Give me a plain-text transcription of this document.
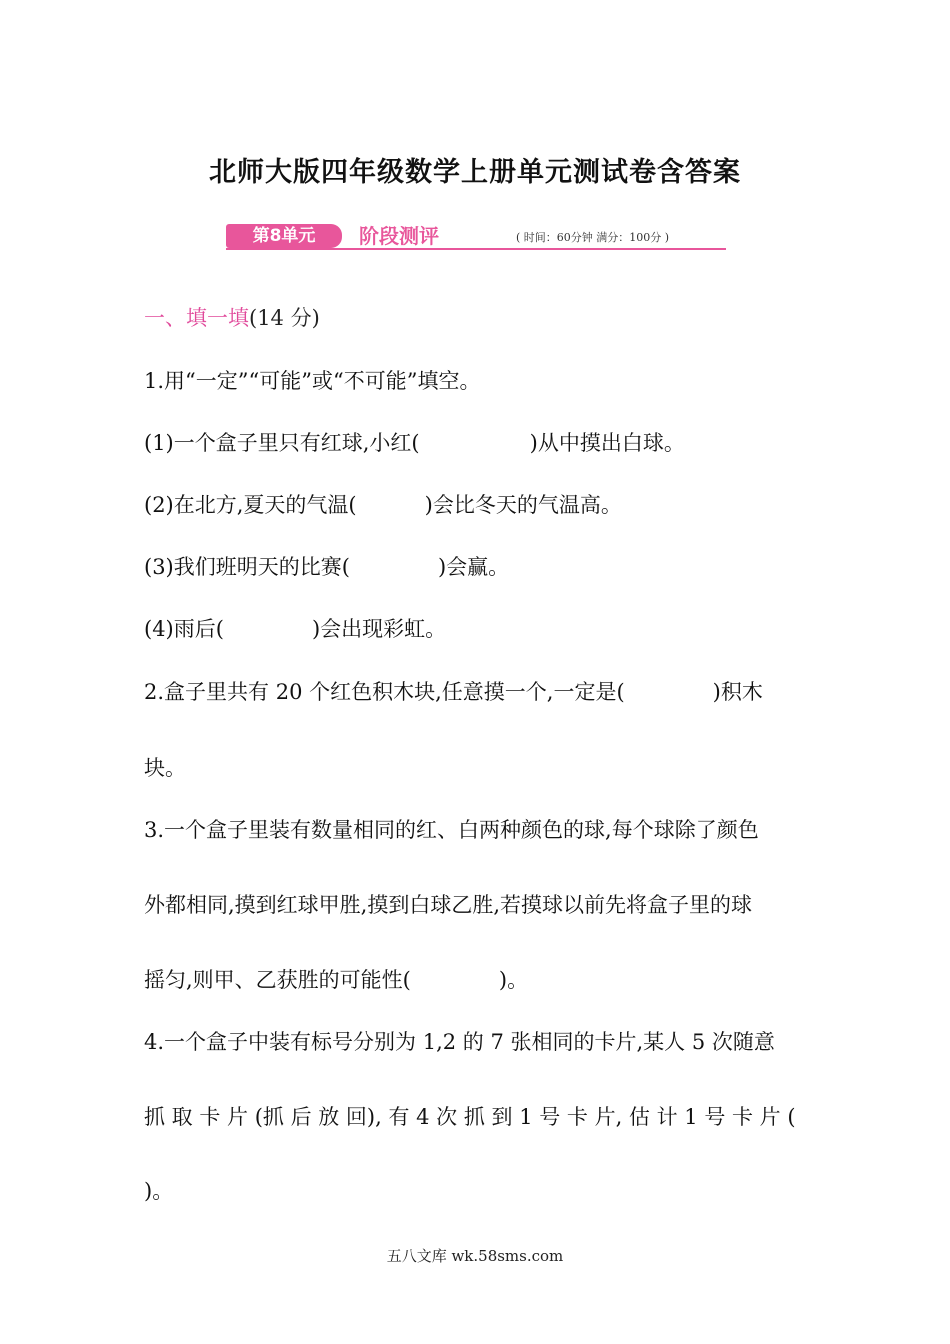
北师大版四年级数学上册单元测试卷含答案
第8单元	阶段测评	( 时间：60分钟 满分：100分 )
一、填一填(14 分)
1.用“一定”“可能”或“不可能”填空。
(1)一个盒子里只有红球,小红(	)从中摸出白球。
(2)在北方,夏天的气温(	)会比冬天的气温高。
(3)我们班明天的比赛(	)会赢。
(4)雨后(	)会出现彩虹。
2.盒子里共有 20 个红色积木块,任意摸一个,一定是(	)积木
块。
3.一个盒子里装有数量相同的红、白两种颜色的球,每个球除了颜色
外都相同,摸到红球甲胜,摸到白球乙胜,若摸球以前先将盒子里的球
摇匀,则甲、乙获胜的可能性(	)。
4.一个盒子中装有标号分别为 1,2 的 7 张相同的卡片,某人 5 次随意
抓 取 卡 片 (抓 后 放 回), 有 4 次 抓 到 1 号 卡 片, 估 计 1 号 卡 片 (
)。
五八文库 wk.58sms.com
